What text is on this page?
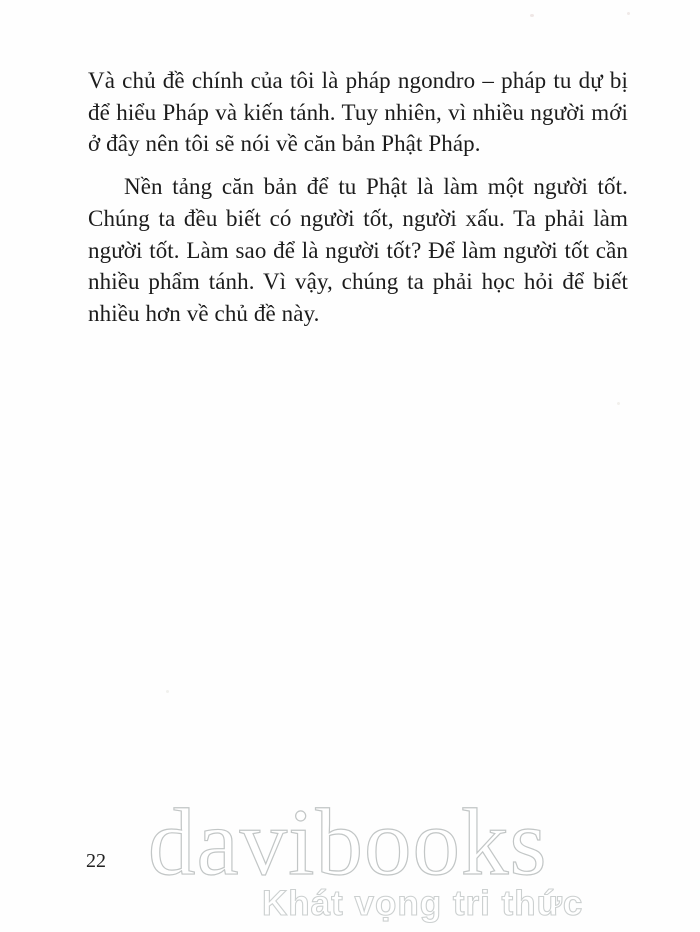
Và chủ đề chính của tôi là pháp ngondro – pháp tu dự bị
để hiểu Pháp và kiến tánh. Tuy nhiên, vì nhiều người mới
ở đây nên tôi sẽ nói về căn bản Phật Pháp.
Nền tảng căn bản để tu Phật là làm một người tốt.
Chúng ta đều biết có người tốt, người xấu. Ta phải làm
người tốt. Làm sao để là người tốt? Để làm người tốt cần
nhiều phẩm tánh. Vì vậy, chúng ta phải học hỏi để biết
nhiều hơn về chủ đề này.
22 davibooks
Khát vọng tri thức
